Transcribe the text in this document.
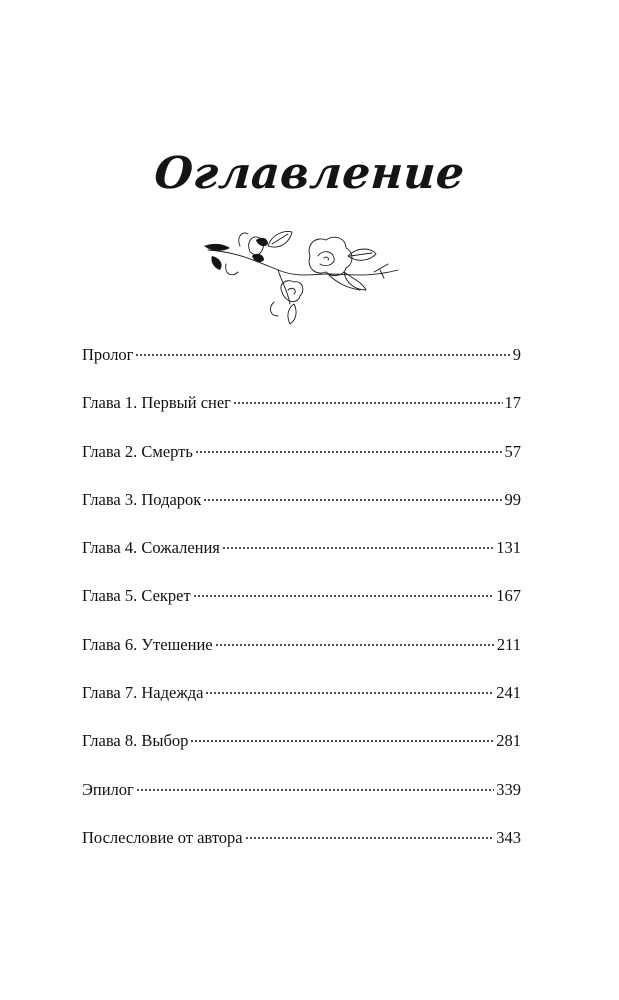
Оглавление
Пролог	9
Глава 1. Первый снег	17
Глава 2. Смерть	57
Глава 3. Подарок	99
Глава 4. Сожаления	131
Глава 5. Секрет	167
Глава 6. Утешение	211
Глава 7. Надежда	241
Глава 8. Выбор	281
Эпилог	339
Послесловие от автора	343
